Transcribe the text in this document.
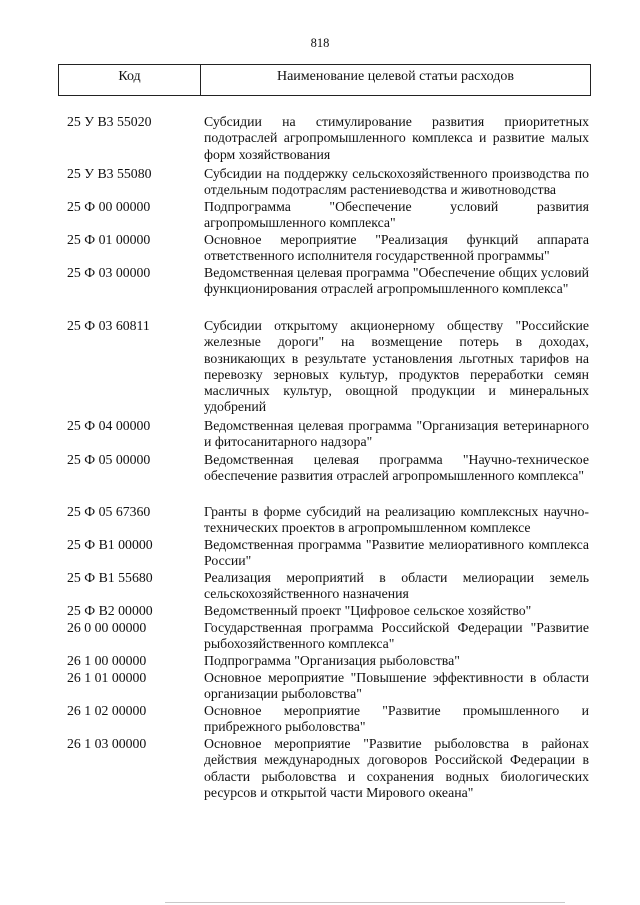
818
Код	Наименование целевой статьи расходов
25 У В3 55020	Субсидии на стимулирование развития приоритетных подотраслей агропромышленного комплекса и развитие малых форм хозяйствования
25 У В3 55080	Субсидии на поддержку сельскохозяйственного производства по отдельным подотраслям растениеводства и животноводства
25 Ф 00 00000	Подпрограмма "Обеспечение условий развития агропромышленного комплекса"
25 Ф 01 00000	Основное мероприятие "Реализация функций аппарата ответственного исполнителя государственной программы"
25 Ф 03 00000	Ведомственная целевая программа "Обеспечение общих условий функционирования отраслей агропромышленного комплекса"
25 Ф 03 60811	Субсидии открытому акционерному обществу "Российские железные дороги" на возмещение потерь в доходах, возникающих в результате установления льготных тарифов на перевозку зерновых культур, продуктов переработки семян масличных культур, овощной продукции и минеральных удобрений
25 Ф 04 00000	Ведомственная целевая программа "Организация ветеринарного и фитосанитарного надзора"
25 Ф 05 00000	Ведомственная целевая программа "Научно-техническое обеспечение развития отраслей агропромышленного комплекса"
25 Ф 05 67360	Гранты в форме субсидий на реализацию комплексных научно-технических проектов в агропромышленном комплексе
25 Ф В1 00000	Ведомственная программа "Развитие мелиоративного комплекса России"
25 Ф В1 55680	Реализация мероприятий в области мелиорации земель сельскохозяйственного назначения
25 Ф В2 00000	Ведомственный проект "Цифровое сельское хозяйство"
26 0 00 00000	Государственная программа Российской Федерации "Развитие рыбохозяйственного комплекса"
26 1 00 00000	Подпрограмма "Организация рыболовства"
26 1 01 00000	Основное мероприятие "Повышение эффективности в области организации рыболовства"
26 1 02 00000	Основное мероприятие "Развитие промышленного и прибрежного рыболовства"
26 1 03 00000	Основное мероприятие "Развитие рыболовства в районах действия международных договоров Российской Федерации в области рыболовства и сохранения водных биологических ресурсов и открытой части Мирового океана"
